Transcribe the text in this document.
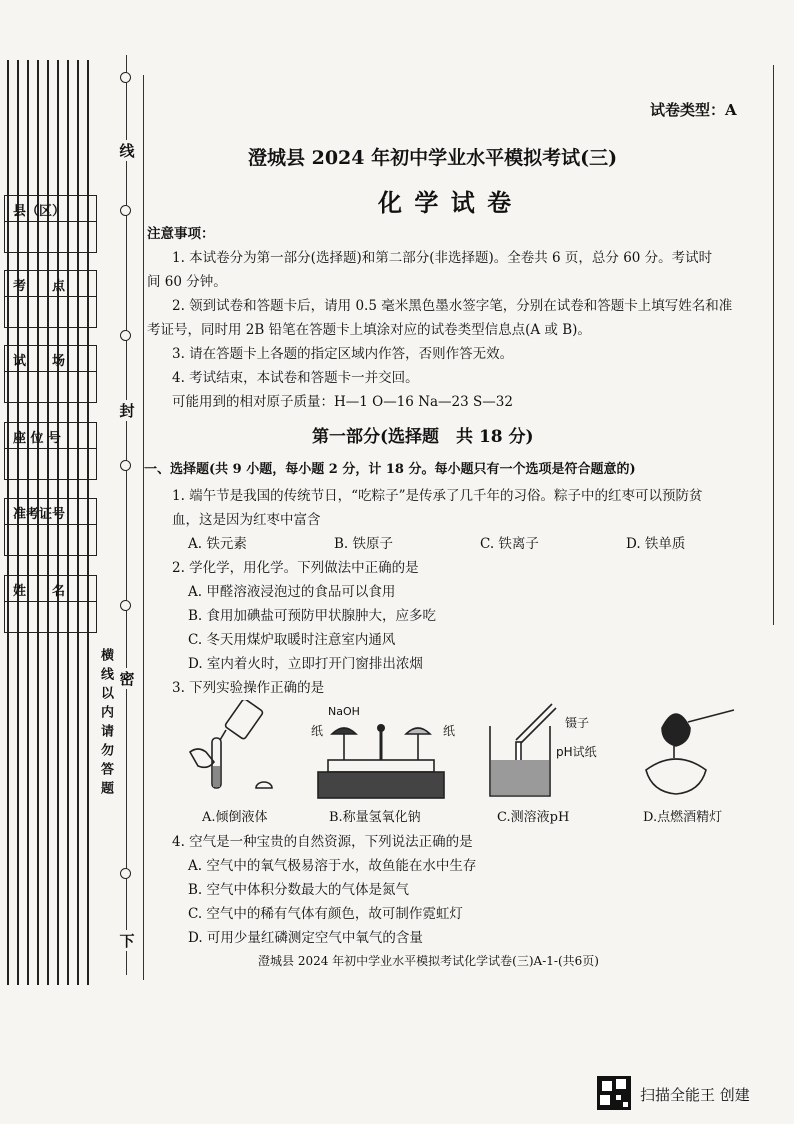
县（区）
考　　点
试　　场
座 位 号
准考证号
姓　　名
线
封
密
下
横线以内请勿答题
试卷类型：A
澄城县 2024 年初中学业水平模拟考试(三)
化 学 试 卷
注意事项：
1. 本试卷分为第一部分(选择题)和第二部分(非选择题)。全卷共 6 页，总分 60 分。考试时
间 60 分钟。
2. 领到试卷和答题卡后，请用 0.5 毫米黑色墨水签字笔，分别在试卷和答题卡上填写姓名和准
考证号，同时用 2B 铅笔在答题卡上填涂对应的试卷类型信息点(A 或 B)。
3. 请在答题卡上各题的指定区域内作答，否则作答无效。
4. 考试结束，本试卷和答题卡一并交回。
可能用到的相对原子质量：H—1 O—16 Na—23 S—32
第一部分(选择题　共 18 分)
一、选择题(共 9 小题，每小题 2 分，计 18 分。每小题只有一个选项是符合题意的)
1. 端午节是我国的传统节日，“吃粽子”是传承了几千年的习俗。粽子中的红枣可以预防贫
血，这是因为红枣中富含
A. 铁元素	B. 铁原子	C. 铁离子	D. 铁单质
2. 学化学，用化学。下列做法中正确的是
A. 甲醛溶液浸泡过的食品可以食用
B. 食用加碘盐可预防甲状腺肿大，应多吃
C. 冬天用煤炉取暖时注意室内通风
D. 室内着火时，立即打开门窗排出浓烟
3. 下列实验操作正确的是
A.倾倒液体
NaOH
纸	纸
B.称量氢氧化钠
镊子
pH试纸
C.测溶液pH	D.点燃酒精灯
4. 空气是一种宝贵的自然资源，下列说法正确的是
A. 空气中的氧气极易溶于水，故鱼能在水中生存
B. 空气中体积分数最大的气体是氮气
C. 空气中的稀有气体有颜色，故可制作霓虹灯
D. 可用少量红磷测定空气中氧气的含量
澄城县 2024 年初中学业水平模拟考试化学试卷(三)A-1-(共6页)
扫描全能王 创建
